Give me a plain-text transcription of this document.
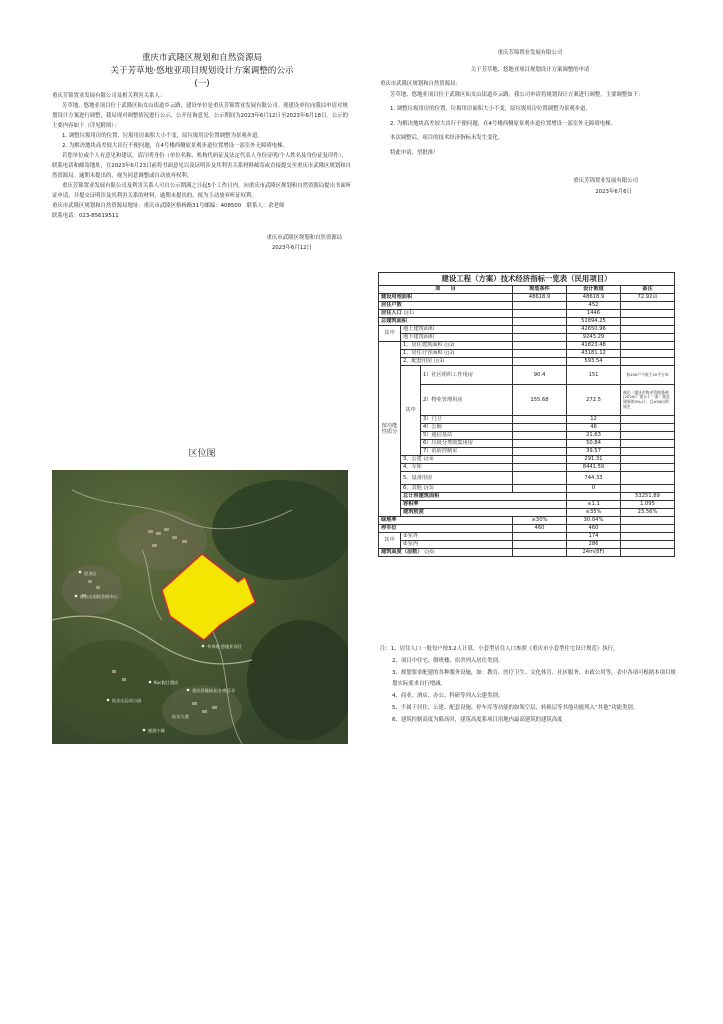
重庆市武隆区规划和自然资源局
关于芳草地·悠地亚项目规划设计方案调整的公示
(一)

重庆芳锦置业发展有限公司及相关利害关系人：

芳草地、悠地亚项目位于武隆区仙女山街道乡云路，建设单位是重庆芳锦置业发展有限公司。现建设单位向我局申请对规划设计方案进行调整，我局现对调整情况进行公示，公开征询意见。公示期间为2023年6月12日至2023年6月18日。公示的主要内容如下（详见附图）：

1. 调整垃圾用房的位置，垃圾用房面积大小不变，原垃圾用房位置调整为景观步道。

2. 为解决地块高差较大出行不便问题，在4号楼西侧原景观步道位置增设一部室外无障碍电梯。

若您单位或个人有意见和建议，请注明身份（单位名称、机构代码证及法定代表人身份证明/个人姓名及身份证复印件），联系电话和邮寄地址，在2023年6月23日前将书面意见以及证明涉及其利害关系材料邮寄或直接提交至重庆市武隆区规划和自然资源局。逾期未提出的，视为同意调整或自动放弃权利。

重庆芳锦置业发展有限公司及利害关系人可自公示期满之日起5个工作日内，向重庆市武隆区规划和自然资源局提出书面听证申请，并提交证明涉及其利害关系的材料，逾期未提出的，视为主动放弃听证权利。

重庆市武隆区规划和自然资源局地址：重庆市武隆区格杨路31号邮编：408500　联系人：余老师

联系电话：023-85619511

重庆市武隆区规划和自然资源局

2023年6月12日

重庆芳锦置业发展有限公司

关于芳草地、悠地亚项目规划设计方案调整的申请

重庆市武隆区规划和自然资源局：

芳草地、悠地亚项目位于武隆区仙女山街道乡云路，我公司申请将规划设计方案进行调整，主要调整如下：

1. 调整垃圾用房的位置，垃圾用房面积大小不变，原垃圾用房位置调整为景观步道。

2. 为解决地块高差较大出行不便问题，在4号楼西侧原景观步道位置增设一部室外无障碍电梯。

本次调整后，项目的技术经济指标未发生变化。

特此申请，望批准！

重庆芳锦置业发展有限公司

2023年6月6日

区位图
芳草地·悠地亚项目
宿舍区
仙女山国际会展中心
Kuc假日酒店
重庆武隆仙女山·欢乐谷
仙女山运动公园
仙女大道
旅游小镇
建设工程（方案）技术经济指标一览表（民用项目）						
项　　目			规划条件	设计数值	备注	
建设用地面积			48618.9	48618.9	72.92亩	
居住户数				452		
居住人口 (注1)				1446		
总建筑面积				51894.25		
其中	地上建筑面积			42650.96		
	地下建筑面积			9243.29		
按功能性质分	1、居住建筑面积 (注2)			41823.48		
	1、居住计容面积 (注2)			43181.12		
	2、配套用房 (注3)			593.54		
	其中	1）社区组织工作用房	90.4	151	每100户不低于20平方米	
		2）物业管理用房	155.68	272.5	满足《重庆市物业管理条例(2020)》第五十一条：按总建面的3‰计，且≥50㎡的规定	
		3）门卫		12		
		4）公厕		46		
		5）通信基站		21.63		
		6）垃圾分类收集用房		50.84		
		7）消防控制室		39.57		
	3、公建 (注4)			291.31		
	4、车库			8441.59		
	5、设备用房			744.33		
	6、其他 (注5)			0		
	总计容建筑面积				53251.89	
	容积率			≤1.1	1.095	
	建筑密度			≤35%	23.56%	
绿地率			≥30%	30.04%		
停车位			460	460		
其中	①室外			174		
	②室内			286		
建筑高度（层数） (注6)				24m(8F)		

注：1、居住人口一般每户按3.2人计算，小套型居住人口参照《重庆市小套型住宅设计规范》执行。

2、项目中住宅、倒班楼、宿舍列入居住类别。

3、规划要求配建的各种服务设施，如：教育、医疗卫生、文化体育、社区服务、市政公用等，表中各项可根据本项目规划实际要求自行增减。

4、商业、酒店、办公、科研等列入公建类别；

5、不属于居住、公建、配套设施、停车库等功能的如架空层、转换层等其他功能列入“其他”功能类别。

6、建筑控制高度为限高时，建筑高度系项目用地内最高建筑的建筑高度
